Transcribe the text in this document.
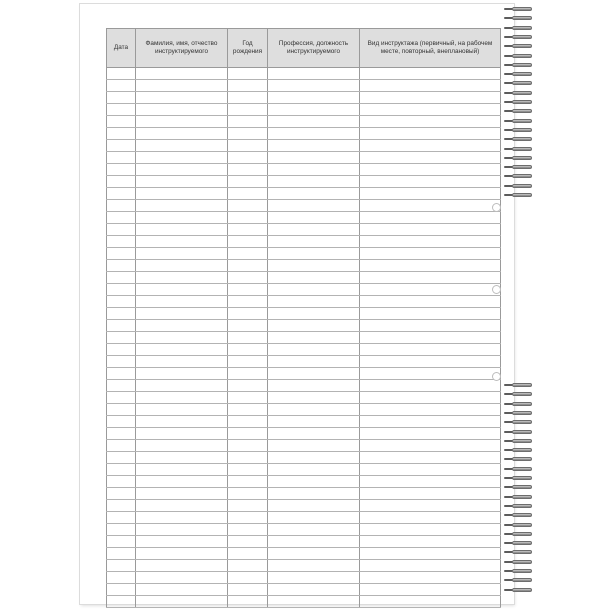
Дата	Фамилия, имя, отчество инструктируемого	Год рождения	Профессия, должность инструктируемого	Вид инструктажа (первичный, на рабочем месте, повторный, внеплановый)
